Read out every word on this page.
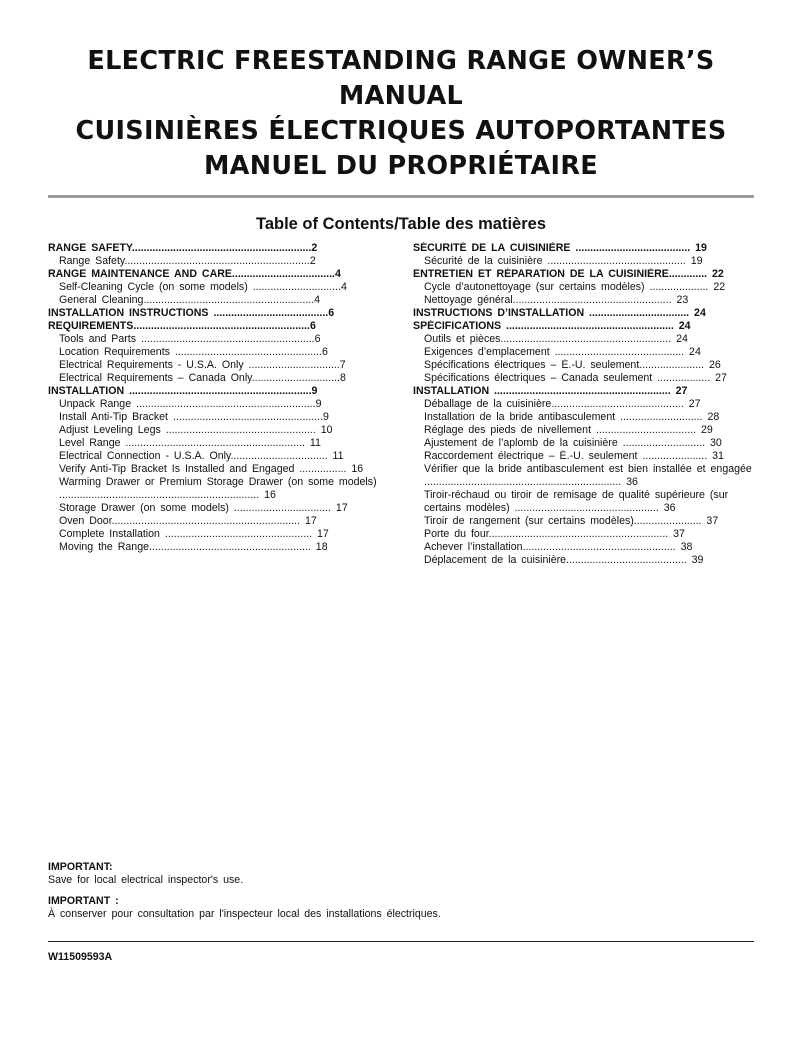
ELECTRIC FREESTANDING RANGE OWNER’S
MANUAL
CUISINIÈRES ÉLECTRIQUES AUTOPORTANTES
MANUEL DU PROPRIÉTAIRE
Table of Contents/Table des matières
RANGE SAFETY.............................................................2
Range Safety...............................................................2
RANGE MAINTENANCE AND CARE...................................4
Self-Cleaning Cycle (on some models) ..............................4
General Cleaning..........................................................4
INSTALLATION INSTRUCTIONS .......................................6
REQUIREMENTS............................................................6
Tools and Parts ...........................................................6
Location Requirements ..................................................6
Electrical Requirements - U.S.A. Only ...............................7
Electrical Requirements – Canada Only..............................8
INSTALLATION ..............................................................9
Unpack Range .............................................................9
Install Anti-Tip Bracket ...................................................9
Adjust Leveling Legs ................................................... 10
Level Range ............................................................. 11
Electrical Connection - U.S.A. Only................................. 11
Verify Anti-Tip Bracket Is Installed and Engaged ................ 16
Warming Drawer or Premium Storage Drawer (on some models) .................................................................... 16
Storage Drawer (on some models) ................................. 17
Oven Door................................................................ 17
Complete Installation .................................................. 17
Moving the Range....................................................... 18
SÉCURITÉ DE LA CUISINIÈRE ....................................... 19
Sécurité de la cuisinière ............................................... 19
ENTRETIEN ET RÉPARATION DE LA CUISINIÈRE............. 22
Cycle d’autonettoyage (sur certains modèles) .................... 22
Nettoyage général...................................................... 23
INSTRUCTIONS D’INSTALLATION .................................. 24
SPÉCIFICATIONS ......................................................... 24
Outils et pièces.......................................................... 24
Exigences d’emplacement ............................................ 24
Spécifications électriques – É.-U. seulement...................... 26
Spécifications électriques – Canada seulement .................. 27
INSTALLATION ............................................................ 27
Déballage de la cuisinière............................................. 27
Installation de la bride antibasculement ............................ 28
Réglage des pieds de nivellement .................................. 29
Ajustement de l’aplomb de la cuisinière ............................ 30
Raccordement électrique – É.-U. seulement ...................... 31
Vérifier que la bride antibasculement est bien installée et engagée ................................................................... 36
Tiroir-réchaud ou tiroir de remisage de qualité supérieure (sur certains modèles) ................................................. 36
Tiroir de rangement (sur certains modèles)....................... 37
Porte du four............................................................. 37
Achever l’installation.................................................... 38
Déplacement de la cuisinière......................................... 39
IMPORTANT:
Save for local electrical inspector's use.
IMPORTANT :
À conserver pour consultation par l'inspecteur local des installations électriques.
W11509593A
